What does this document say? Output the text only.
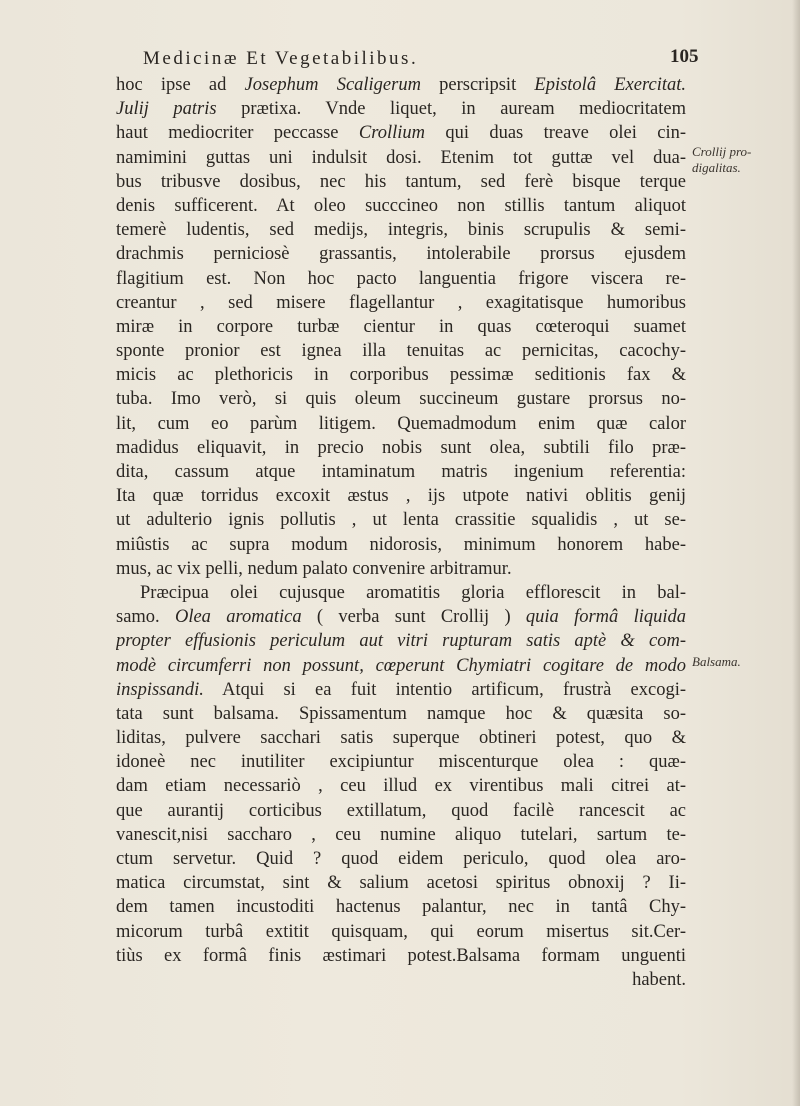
Medicinæ Et Vegetabilibus.	105
hoc ipse ad Josephum Scaligerum perscripsit Epistolâ Exercitat.
Julij patris prætixa. Vnde liquet, in auream mediocritatem
haut mediocriter peccasse Crollium qui duas treave olei cin-
namimini guttas uni indulsit dosi. Etenim tot guttæ vel dua-
bus tribusve dosibus, nec his tantum, sed ferè bisque terque
denis sufficerent. At oleo succcineo non stillis tantum aliquot
temerè ludentis, sed medijs, integris, binis scrupulis & semi-
drachmis perniciosè grassantis, intolerabile prorsus ejusdem
flagitium est. Non hoc pacto languentia frigore viscera re-
creantur , sed misere flagellantur , exagitatisque humoribus
miræ in corpore turbæ cientur in quas cœteroqui suamet
sponte pronior est ignea illa tenuitas ac pernicitas, cacochy-
micis ac plethoricis in corporibus pessimæ seditionis fax &
tuba. Imo verò, si quis oleum succineum gustare prorsus no-
lit, cum eo parùm litigem. Quemadmodum enim quæ calor
madidus eliquavit, in precio nobis sunt olea, subtili filo præ-
dita, cassum atque intaminatum matris ingenium referentia:
Ita quæ torridus excoxit æstus , ijs utpote nativi oblitis genij
ut adulterio ignis pollutis , ut lenta crassitie squalidis , ut se-
miûstis ac supra modum nidorosis, minimum honorem habe-
mus, ac vix pelli, nedum palato convenire arbitramur.
Præcipua olei cujusque aromatitis gloria efflorescit in bal-
samo. Olea aromatica ( verba sunt Crollij ) quia formâ liquida
propter effusionis periculum aut vitri rupturam satis aptè & com-
modè circumferri non possunt, cœperunt Chymiatri cogitare de modo
inspissandi. Atqui si ea fuit intentio artificum, frustrà excogi-
tata sunt balsama. Spissamentum namque hoc & quæsita so-
liditas, pulvere sacchari satis superque obtineri potest, quo &
idoneè nec inutiliter excipiuntur miscenturque olea : quæ-
dam etiam necessariò , ceu illud ex virentibus mali citrei at-
que aurantij corticibus extillatum, quod facilè rancescit ac
vanescit,nisi saccharo , ceu numine aliquo tutelari, sartum te-
ctum servetur. Quid ? quod eidem periculo, quod olea aro-
matica circumstat, sint & salium acetosi spiritus obnoxij ? Ii-
dem tamen incustoditi hactenus palantur, nec in tantâ Chy-
micorum turbâ extitit quisquam, qui eorum misertus sit.Cer-
tiùs ex formâ finis æstimari potest.Balsama formam unguenti
habent.
Crollij pro-
digalitas.
Balsama.
